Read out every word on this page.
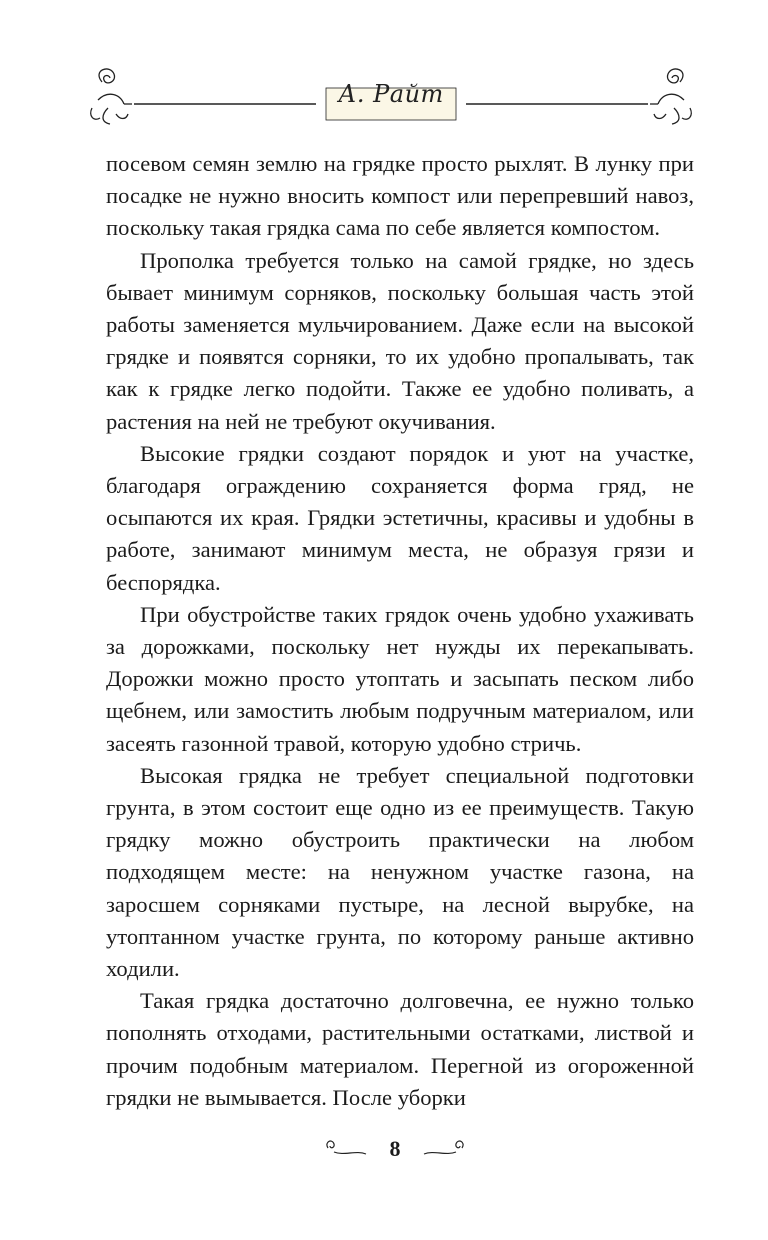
А. Райт

посевом семян землю на грядке просто рыхлят. В лунку при посадке не нужно вносить компост или перепревший навоз, поскольку такая грядка сама по себе является компостом.

Прополка требуется только на самой грядке, но здесь бывает минимум сорняков, поскольку большая часть этой работы заменяется мульчированием. Даже если на высокой грядке и появятся сорняки, то их удобно пропалывать, так как к грядке легко подойти. Также ее удобно поливать, а растения на ней не требуют окучивания.

Высокие грядки создают порядок и уют на участке, благодаря ограждению сохраняется форма гряд, не осыпаются их края. Грядки эстетичны, красивы и удобны в работе, занимают минимум места, не образуя грязи и беспорядка.

При обустройстве таких грядок очень удобно ухаживать за дорожками, поскольку нет нужды их перекапывать. Дорожки можно просто утоптать и засыпать песком либо щебнем, или замостить любым подручным материалом, или засеять газонной травой, которую удобно стричь.

Высокая грядка не требует специальной подготовки грунта, в этом состоит еще одно из ее преимуществ. Такую грядку можно обустроить практически на любом подходящем месте: на ненужном участке газона, на заросшем сорняками пустыре, на лесной вырубке, на утоптанном участке грунта, по которому раньше активно ходили.

Такая грядка достаточно долговечна, ее нужно только пополнять отходами, растительными остатками, листвой и прочим подобным материалом. Перегной из огороженной грядки не вымывается. После уборки

8
